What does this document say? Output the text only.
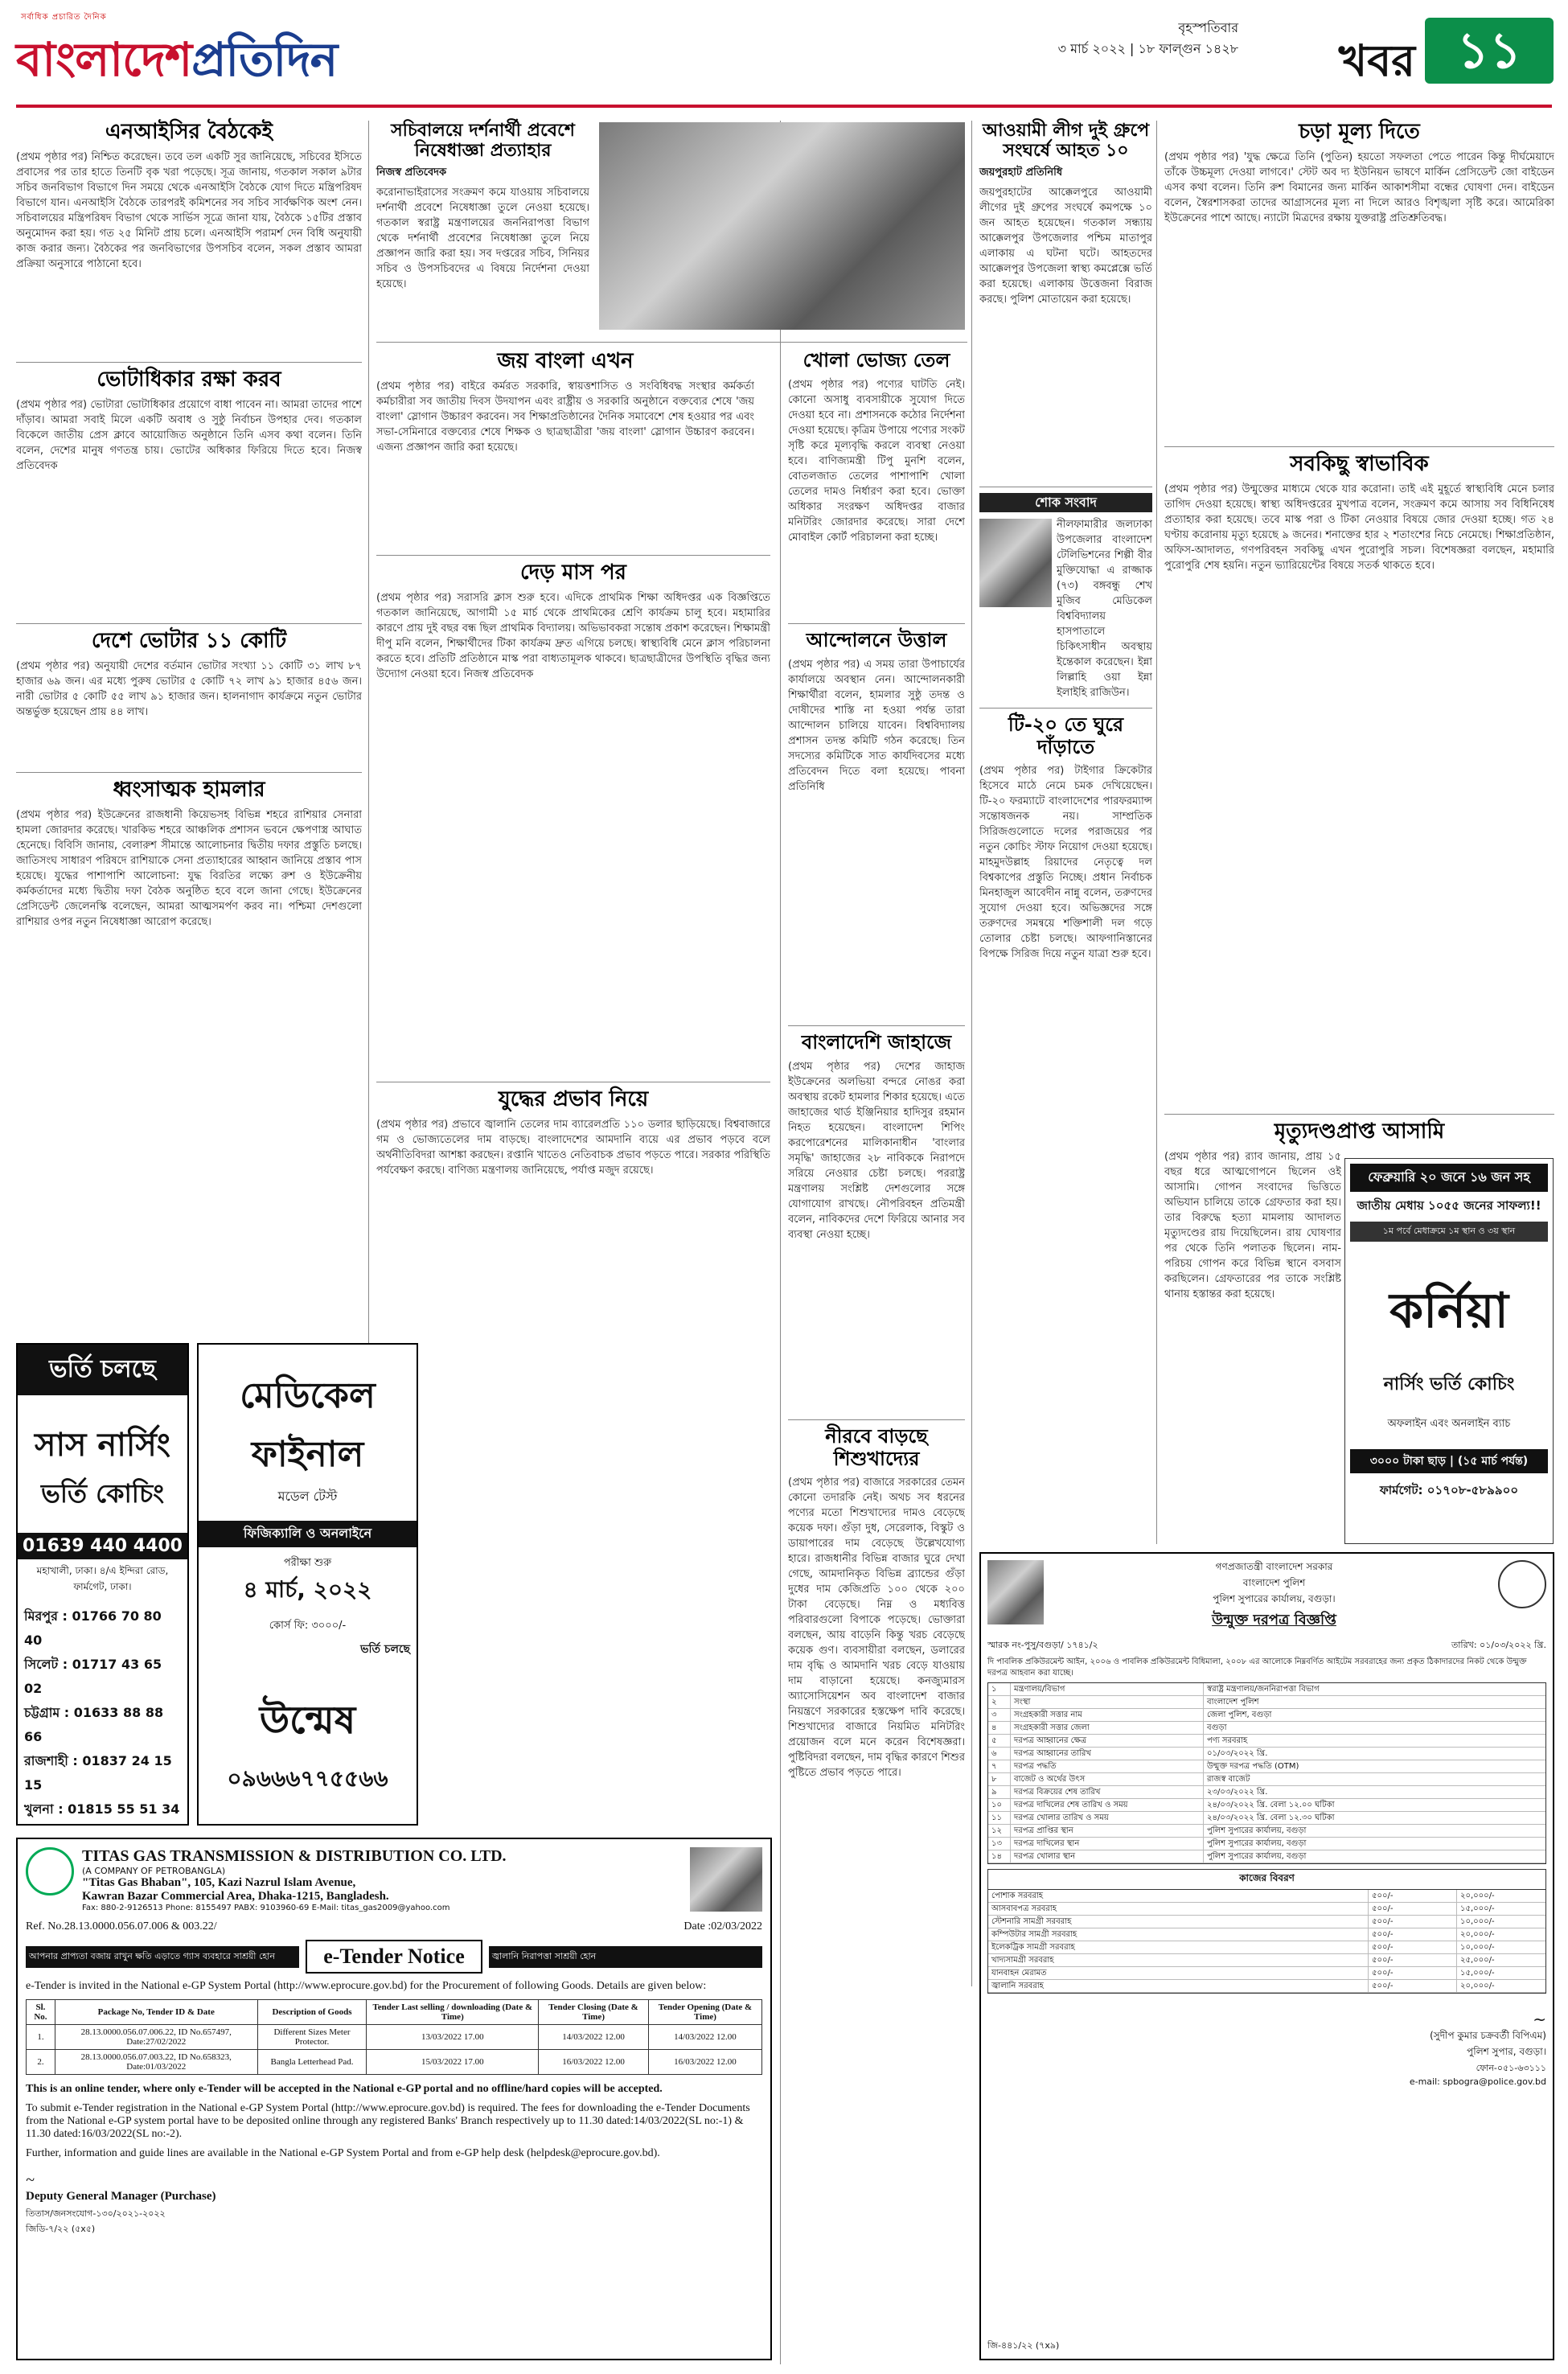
সর্বাধিক প্রচারিত দৈনিক
বাংলাদেশপ্রতিদিন
বৃহস্পতিবার
৩ মার্চ ২০২২ | ১৮ ফাল্গুন ১৪২৮ খবর ১১
এনআইসির বৈঠকেই
(প্রথম পৃষ্ঠার পর) নিশ্চিত করেছেন। তবে তল একটি সুর জানিয়েছে, সচিবের ইসিতে প্রবাসের পর তার হাতে তিনটি বৃক খরা পড়েছে। সূত্র জানায়, গতকাল সকাল ৯টার সচিব জনবিভাগ বিভাগে দিন সময়ে থেকে এনআইসি বৈঠকে যোগ দিতে মন্ত্রিপরিষদ বিভাগে যান। এনআইসি বৈঠকে তারপরই কমিশনের সব সচিব সার্বক্ষণিক অংশ নেন। সচিবালয়ের মন্ত্রিপরিষদ বিভাগ থেকে সার্ভিস সূত্রে জানা যায়, বৈঠকে ১৫টির প্রস্তাব অনুমোদন করা হয়। গত ২৫ মিনিট প্রায় চলে। এনআইসি পরামর্শ দেন বিধি অনুযায়ী কাজ করার জন্য। বৈঠকের পর জনবিভাগের উপসচিব বলেন, সকল প্রস্তাব আমরা প্রক্রিয়া অনুসারে পাঠানো হবে।
ভোটাধিকার রক্ষা করব
(প্রথম পৃষ্ঠার পর) ভোটারা ভোটাধিকার প্রয়োগে বাধা পাবেন না। আমরা তাদের পাশে দাঁড়াব। আমরা সবাই মিলে একটি অবাধ ও সুষ্ঠু নির্বাচন উপহার দেব। গতকাল বিকেলে জাতীয় প্রেস ক্লাবে আয়োজিত অনুষ্ঠানে তিনি এসব কথা বলেন। তিনি বলেন, দেশের মানুষ গণতন্ত্র চায়। ভোটের অধিকার ফিরিয়ে দিতে হবে। নিজস্ব প্রতিবেদক
দেশে ভোটার ১১ কোটি
(প্রথম পৃষ্ঠার পর) অনুযায়ী দেশের বর্তমান ভোটার সংখ্যা ১১ কোটি ৩১ লাখ ৮৭ হাজার ৬৯ জন। এর মধ্যে পুরুষ ভোটার ৫ কোটি ৭২ লাখ ৯১ হাজার ৪৫৬ জন। নারী ভোটার ৫ কোটি ৫৫ লাখ ৯১ হাজার জন। হালনাগাদ কার্যক্রমে নতুন ভোটার অন্তর্ভুক্ত হয়েছেন প্রায় ৪৪ লাখ।
ধ্বংসাত্মক হামলার
(প্রথম পৃষ্ঠার পর) ইউক্রেনের রাজধানী কিয়েভসহ বিভিন্ন শহরে রাশিয়ার সেনারা হামলা জোরদার করেছে। খারকিভ শহরে আঞ্চলিক প্রশাসন ভবনে ক্ষেপণাস্ত্র আঘাত হেনেছে। বিবিসি জানায়, বেলারুশ সীমান্তে আলোচনার দ্বিতীয় দফার প্রস্তুতি চলছে। জাতিসংঘ সাধারণ পরিষদে রাশিয়াকে সেনা প্রত্যাহারের আহ্বান জানিয়ে প্রস্তাব পাস হয়েছে। যুদ্ধের পাশাপাশি আলোচনা: যুদ্ধ বিরতির লক্ষ্যে রুশ ও ইউক্রেনীয় কর্মকর্তাদের মধ্যে দ্বিতীয় দফা বৈঠক অনুষ্ঠিত হবে বলে জানা গেছে। ইউক্রেনের প্রেসিডেন্ট জেলেনস্কি বলেছেন, আমরা আত্মসমর্পণ করব না। পশ্চিমা দেশগুলো রাশিয়ার ওপর নতুন নিষেধাজ্ঞা আরোপ করেছে।
সচিবালয়ে দর্শনার্থী প্রবেশে নিষেধাজ্ঞা প্রত্যাহার
নিজস্ব প্রতিবেদক
করোনাভাইরাসের সংক্রমণ কমে যাওয়ায় সচিবালয়ে দর্শনার্থী প্রবেশে নিষেধাজ্ঞা তুলে নেওয়া হয়েছে। গতকাল স্বরাষ্ট্র মন্ত্রণালয়ের জননিরাপত্তা বিভাগ থেকে দর্শনার্থী প্রবেশের নিষেধাজ্ঞা তুলে নিয়ে প্রজ্ঞাপন জারি করা হয়। সব দপ্তরের সচিব, সিনিয়র সচিব ও উপসচিবদের এ বিষয়ে নির্দেশনা দেওয়া হয়েছে।
জয় বাংলা এখন
(প্রথম পৃষ্ঠার পর) বাইরে কর্মরত সরকারি, স্বায়ত্তশাসিত ও সংবিধিবদ্ধ সংস্থার কর্মকর্তা কর্মচারীরা সব জাতীয় দিবস উদযাপন এবং রাষ্ট্রীয় ও সরকারি অনুষ্ঠানে বক্তব্যের শেষে 'জয় বাংলা' স্লোগান উচ্চারণ করবেন। সব শিক্ষাপ্রতিষ্ঠানের দৈনিক সমাবেশে শেষ হওয়ার পর এবং সভা-সেমিনারে বক্তব্যের শেষে শিক্ষক ও ছাত্রছাত্রীরা 'জয় বাংলা' স্লোগান উচ্চারণ করবেন। এজন্য প্রজ্ঞাপন জারি করা হয়েছে।
দেড় মাস পর
(প্রথম পৃষ্ঠার পর) সরাসরি ক্লাস শুরু হবে। এদিকে প্রাথমিক শিক্ষা অধিদপ্তর এক বিজ্ঞপ্তিতে গতকাল জানিয়েছে, আগামী ১৫ মার্চ থেকে প্রাথমিকের শ্রেণি কার্যক্রম চালু হবে। মহামারির কারণে প্রায় দুই বছর বন্ধ ছিল প্রাথমিক বিদ্যালয়। অভিভাবকরা সন্তোষ প্রকাশ করেছেন। শিক্ষামন্ত্রী দীপু মনি বলেন, শিক্ষার্থীদের টিকা কার্যক্রম দ্রুত এগিয়ে চলছে। স্বাস্থ্যবিধি মেনে ক্লাস পরিচালনা করতে হবে। প্রতিটি প্রতিষ্ঠানে মাস্ক পরা বাধ্যতামূলক থাকবে। ছাত্রছাত্রীদের উপস্থিতি বৃদ্ধির জন্য উদ্যোগ নেওয়া হবে। নিজস্ব প্রতিবেদক
যুদ্ধের প্রভাব নিয়ে
(প্রথম পৃষ্ঠার পর) প্রভাবে জ্বালানি তেলের দাম ব্যারেলপ্রতি ১১০ ডলার ছাড়িয়েছে। বিশ্ববাজারে গম ও ভোজ্যতেলের দাম বাড়ছে। বাংলাদেশের আমদানি ব্যয়ে এর প্রভাব পড়বে বলে অর্থনীতিবিদরা আশঙ্কা করছেন। রপ্তানি খাতেও নেতিবাচক প্রভাব পড়তে পারে। সরকার পরিস্থিতি পর্যবেক্ষণ করছে। বাণিজ্য মন্ত্রণালয় জানিয়েছে, পর্যাপ্ত মজুদ রয়েছে।
খোলা ভোজ্য তেল
(প্রথম পৃষ্ঠার পর) পণ্যের ঘাটতি নেই। কোনো অসাধু ব্যবসায়ীকে সুযোগ দিতে দেওয়া হবে না। প্রশাসনকে কঠোর নির্দেশনা দেওয়া হয়েছে। কৃত্রিম উপায়ে পণ্যের সংকট সৃষ্টি করে মূল্যবৃদ্ধি করলে ব্যবস্থা নেওয়া হবে। বাণিজ্যমন্ত্রী টিপু মুনশি বলেন, বোতলজাত তেলের পাশাপাশি খোলা তেলের দামও নির্ধারণ করা হবে। ভোক্তা অধিকার সংরক্ষণ অধিদপ্তর বাজার মনিটরিং জোরদার করেছে। সারা দেশে মোবাইল কোর্ট পরিচালনা করা হচ্ছে।
আন্দোলনে উত্তাল
(প্রথম পৃষ্ঠার পর) এ সময় তারা উপাচার্যের কার্যালয়ে অবস্থান নেন। আন্দোলনকারী শিক্ষার্থীরা বলেন, হামলার সুষ্ঠু তদন্ত ও দোষীদের শাস্তি না হওয়া পর্যন্ত তারা আন্দোলন চালিয়ে যাবেন। বিশ্ববিদ্যালয় প্রশাসন তদন্ত কমিটি গঠন করেছে। তিন সদস্যের কমিটিকে সাত কার্যদিবসের মধ্যে প্রতিবেদন দিতে বলা হয়েছে। পাবনা প্রতিনিধি
বাংলাদেশি জাহাজে
(প্রথম পৃষ্ঠার পর) দেশের জাহাজ ইউক্রেনের অলভিয়া বন্দরে নোঙর করা অবস্থায় রকেট হামলার শিকার হয়েছে। এতে জাহাজের থার্ড ইঞ্জিনিয়ার হাদিসুর রহমান নিহত হয়েছেন। বাংলাদেশ শিপিং করপোরেশনের মালিকানাধীন 'বাংলার সমৃদ্ধি' জাহাজের ২৮ নাবিককে নিরাপদে সরিয়ে নেওয়ার চেষ্টা চলছে। পররাষ্ট্র মন্ত্রণালয় সংশ্লিষ্ট দেশগুলোর সঙ্গে যোগাযোগ রাখছে। নৌপরিবহন প্রতিমন্ত্রী বলেন, নাবিকদের দেশে ফিরিয়ে আনার সব ব্যবস্থা নেওয়া হচ্ছে।
নীরবে বাড়ছে শিশুখাদ্যের
(প্রথম পৃষ্ঠার পর) বাজারে সরকারের তেমন কোনো তদারকি নেই। অথচ সব ধরনের পণ্যের মতো শিশুখাদ্যের দামও বেড়েছে কয়েক দফা। গুঁড়া দুধ, সেরেলাক, বিস্কুট ও ডায়াপারের দাম বেড়েছে উল্লেখযোগ্য হারে। রাজধানীর বিভিন্ন বাজার ঘুরে দেখা গেছে, আমদানিকৃত বিভিন্ন ব্র্যান্ডের গুঁড়া দুধের দাম কেজিপ্রতি ১০০ থেকে ২০০ টাকা বেড়েছে। নিম্ন ও মধ্যবিত্ত পরিবারগুলো বিপাকে পড়েছে। ভোক্তারা বলছেন, আয় বাড়েনি কিন্তু খরচ বেড়েছে কয়েক গুণ। ব্যবসায়ীরা বলছেন, ডলারের দাম বৃদ্ধি ও আমদানি খরচ বেড়ে যাওয়ায় দাম বাড়ানো হয়েছে। কনজ্যুমারস অ্যাসোসিয়েশন অব বাংলাদেশ বাজার নিয়ন্ত্রণে সরকারের হস্তক্ষেপ দাবি করেছে। শিশুখাদ্যের বাজারে নিয়মিত মনিটরিং প্রয়োজন বলে মনে করেন বিশেষজ্ঞরা। পুষ্টিবিদরা বলছেন, দাম বৃদ্ধির কারণে শিশুর পুষ্টিতে প্রভাব পড়তে পারে।
আওয়ামী লীগ দুই গ্রুপে সংঘর্ষে আহত ১০
জয়পুরহাট প্রতিনিধি
জয়পুরহাটের আক্কেলপুরে আওয়ামী লীগের দুই গ্রুপের সংঘর্ষে কমপক্ষে ১০ জন আহত হয়েছেন। গতকাল সন্ধ্যায় আক্কেলপুর উপজেলার পশ্চিম মাতাপুর এলাকায় এ ঘটনা ঘটে। আহতদের আক্কেলপুর উপজেলা স্বাস্থ্য কমপ্লেক্সে ভর্তি করা হয়েছে। এলাকায় উত্তেজনা বিরাজ করছে। পুলিশ মোতায়েন করা হয়েছে।
শোক সংবাদ
নীলফামারীর জলঢাকা উপজেলার বাংলাদেশ টেলিভিশনের শিল্পী বীর মুক্তিযোদ্ধা এ রাজ্জাক (৭৩) বঙ্গবন্ধু শেখ মুজিব মেডিকেল বিশ্ববিদ্যালয় হাসপাতালে চিকিৎসাধীন অবস্থায় ইন্তেকাল করেছেন। ইন্না লিল্লাহি ওয়া ইন্না ইলাইহি রাজিউন।
টি-২০ তে ঘুরে দাঁড়াতে
(প্রথম পৃষ্ঠার পর) টাইগার ক্রিকেটার হিসেবে মাঠে নেমে চমক দেখিয়েছেন। টি-২০ ফরম্যাটে বাংলাদেশের পারফরম্যান্স সন্তোষজনক নয়। সাম্প্রতিক সিরিজগুলোতে দলের পরাজয়ের পর নতুন কোচিং স্টাফ নিয়োগ দেওয়া হয়েছে। মাহমুদউল্লাহ রিয়াদের নেতৃত্বে দল বিশ্বকাপের প্রস্তুতি নিচ্ছে। প্রধান নির্বাচক মিনহাজুল আবেদীন নান্নু বলেন, তরুণদের সুযোগ দেওয়া হবে। অভিজ্ঞদের সঙ্গে তরুণদের সমন্বয়ে শক্তিশালী দল গড়ে তোলার চেষ্টা চলছে। আফগানিস্তানের বিপক্ষে সিরিজ দিয়ে নতুন যাত্রা শুরু হবে।
চড়া মূল্য দিতে
(প্রথম পৃষ্ঠার পর) 'যুদ্ধ ক্ষেত্রে তিনি (পুতিন) হয়তো সফলতা পেতে পারেন কিন্তু দীর্ঘমেয়াদে তাঁকে উচ্চমূল্য দেওয়া লাগবে।' স্টেট অব দ্য ইউনিয়ন ভাষণে মার্কিন প্রেসিডেন্ট জো বাইডেন এসব কথা বলেন। তিনি রুশ বিমানের জন্য মার্কিন আকাশসীমা বন্ধের ঘোষণা দেন। বাইডেন বলেন, স্বৈরশাসকরা তাদের আগ্রাসনের মূল্য না দিলে আরও বিশৃঙ্খলা সৃষ্টি করে। আমেরিকা ইউক্রেনের পাশে আছে। ন্যাটো মিত্রদের রক্ষায় যুক্তরাষ্ট্র প্রতিশ্রুতিবদ্ধ।
সবকিছু স্বাভাবিক
(প্রথম পৃষ্ঠার পর) উন্মুক্তের মাধ্যমে থেকে যার করোনা। তাই এই মুহূর্তে স্বাস্থ্যবিধি মেনে চলার তাগিদ দেওয়া হয়েছে। স্বাস্থ্য অধিদপ্তরের মুখপাত্র বলেন, সংক্রমণ কমে আসায় সব বিধিনিষেধ প্রত্যাহার করা হয়েছে। তবে মাস্ক পরা ও টিকা নেওয়ার বিষয়ে জোর দেওয়া হচ্ছে। গত ২৪ ঘণ্টায় করোনায় মৃত্যু হয়েছে ৯ জনের। শনাক্তের হার ২ শতাংশের নিচে নেমেছে। শিক্ষাপ্রতিষ্ঠান, অফিস-আদালত, গণপরিবহন সবকিছু এখন পুরোপুরি সচল। বিশেষজ্ঞরা বলছেন, মহামারি পুরোপুরি শেষ হয়নি। নতুন ভ্যারিয়েন্টের বিষয়ে সতর্ক থাকতে হবে।
মৃত্যুদণ্ডপ্রাপ্ত আসামি
(প্রথম পৃষ্ঠার পর) র‌্যাব জানায়, প্রায় ১৫ বছর ধরে আত্মগোপনে ছিলেন ওই আসামি। গোপন সংবাদের ভিত্তিতে অভিযান চালিয়ে তাকে গ্রেফতার করা হয়। তার বিরুদ্ধে হত্যা মামলায় আদালত মৃত্যুদণ্ডের রায় দিয়েছিলেন। রায় ঘোষণার পর থেকে তিনি পলাতক ছিলেন। নাম-পরিচয় গোপন করে বিভিন্ন স্থানে বসবাস করছিলেন। গ্রেফতারের পর তাকে সংশ্লিষ্ট থানায় হস্তান্তর করা হয়েছে।
ফেব্রুয়ারি ২০ জনে ১৬ জন সহ
জাতীয় মেধায় ১০৫৫ জনের সাফল্য!!
১ম পর্বে মেধাক্রমে ১ম স্থান ও ৩য় স্থান
কর্নিয়া
নার্সিং ভর্তি কোচিং
অফলাইন এবং অনলাইন ব্যাচ
৩০০০ টাকা ছাড় | (১৫ মার্চ পর্যন্ত)
ফার্মগেট: ০১৭০৮-৫৮৯৯০০
ভর্তি চলছে
সাস নার্সিং
ভর্তি কোচিং
01639 440 4400
মহাখালী, ঢাকা। ৪/এ ইন্দিরা রোড, ফার্মগেট, ঢাকা।
মিরপুর : 01766 70 80 40
সিলেট : 01717 43 65 02
চট্টগ্রাম : 01633 88 88 66
রাজশাহী : 01837 24 15 15
খুলনা : 01815 55 51 34
মেডিকেল
ফাইনাল
মডেল টেস্ট
ফিজিক্যালি ও অনলাইনে
পরীক্ষা শুরু
৪ মার্চ, ২০২২
কোর্স ফি: ৩০০০/-
ভর্তি চলছে
উন্মেষ
০৯৬৬৬৭৭৫৫৬৬
TITAS GAS TRANSMISSION & DISTRIBUTION CO. LTD.
(A COMPANY OF PETROBANGLA)
"Titas Gas Bhaban", 105, Kazi Nazrul Islam Avenue,
Kawran Bazar Commercial Area, Dhaka-1215, Bangladesh.
Fax: 880-2-9126513 Phone: 8155497 PABX: 9103960-69 E-Mail: titas_gas2009@yahoo.com
Ref. No.28.13.0000.056.07.006 & 003.22/	Date :02/03/2022
আপনার প্রাপ্যতা বজায় রাখুন ক্ষতি এড়াতে গ্যাস ব্যবহারে সাশ্রয়ী হোন	e-Tender Notice	জ্বালানি নিরাপত্তা সাশ্রয়ী হোন
e-Tender is invited in the National e-GP System Portal (http://www.eprocure.gov.bd) for the Procurement of following Goods. Details are given below:
Sl. No.	Package No, Tender ID & Date	Description of Goods	Tender Last selling / downloading (Date & Time)	Tender Closing (Date & Time)	Tender Opening (Date & Time)
1.	28.13.0000.056.07.006.22, ID No.657497, Date:27/02/2022	Different Sizes Meter Protector.	13/03/2022 17.00	14/03/2022 12.00	14/03/2022 12.00
2.	28.13.0000.056.07.003.22, ID No.658323, Date:01/03/2022	Bangla Letterhead Pad.	15/03/2022 17.00	16/03/2022 12.00	16/03/2022 12.00
This is an online tender, where only e-Tender will be accepted in the National e-GP portal and no offline/hard copies will be accepted.
To submit e-Tender registration in the National e-GP System Portal (http://www.eprocure.gov.bd) is required. The fees for downloading the e-Tender Documents from the National e-GP system portal have to be deposited online through any registered Banks' Branch respectively up to 11.30 dated:14/03/2022(SL no:-1) & 11.30 dated:16/03/2022(SL no:-2).
Further, information and guide lines are available in the National e-GP System Portal and from e-GP help desk (helpdesk@eprocure.gov.bd).
~
Deputy General Manager (Purchase)
তিতাস/জনসংযোগ-১৩০/২০২১-২০২২
জিডি-৭/২২ (৫x৫)
গণপ্রজাতন্ত্রী বাংলাদেশ সরকার
বাংলাদেশ পুলিশ
পুলিশ সুপারের কার্যালয়, বগুড়া।
উন্মুক্ত দরপত্র বিজ্ঞপ্তি
স্মারক নং-পুসু/বগুড়া/ ১৭৪১/২	তারিখ: ০১/০৩/২০২২ খ্রি.
দি পাবলিক প্রকিউরমেন্ট আইন, ২০০৬ ও পাবলিক প্রকিউরমেন্ট বিধিমালা, ২০০৮ এর আলোকে নিম্নবর্ণিত আইটেম সরবরাহের জন্য প্রকৃত ঠিকাদারদের নিকট থেকে উন্মুক্ত দরপত্র আহবান করা যাচ্ছে।
১	মন্ত্রণালয়/বিভাগ	স্বরাষ্ট্র মন্ত্রণালয়/জননিরাপত্তা বিভাগ
২	সংস্থা	বাংলাদেশ পুলিশ
৩	সংগ্রহকারী সত্তার নাম	জেলা পুলিশ, বগুড়া
৪	সংগ্রহকারী সত্তার জেলা	বগুড়া
৫	দরপত্র আহ্বানের ক্ষেত্র	পণ্য সরবরাহ
৬	দরপত্র আহ্বানের তারিখ	০১/০৩/২০২২ খ্রি.
৭	দরপত্র পদ্ধতি	উন্মুক্ত দরপত্র পদ্ধতি (OTM)
৮	বাজেট ও অর্থের উৎস	রাজস্ব বাজেট
৯	দরপত্র বিক্রয়ের শেষ তারিখ	২৩/০৩/২০২২ খ্রি.
১০	দরপত্র দাখিলের শেষ তারিখ ও সময়	২৪/০৩/২০২২ খ্রি. বেলা ১২.০০ ঘটিকা
১১	দরপত্র খোলার তারিখ ও সময়	২৪/০৩/২০২২ খ্রি. বেলা ১২.৩০ ঘটিকা
১২	দরপত্র প্রাপ্তির স্থান	পুলিশ সুপারের কার্যালয়, বগুড়া
১৩	দরপত্র দাখিলের স্থান	পুলিশ সুপারের কার্যালয়, বগুড়া
১৪	দরপত্র খোলার স্থান	পুলিশ সুপারের কার্যালয়, বগুড়া
কাজের বিবরণ
পোশাক সরবরাহ	৫০০/-	২০,০০০/-
আসবাবপত্র সরবরাহ	৫০০/-	১৫,০০০/-
স্টেশনারি সামগ্রী সরবরাহ	৫০০/-	১০,০০০/-
কম্পিউটার সামগ্রী সরবরাহ	৫০০/-	২০,০০০/-
ইলেকট্রিক সামগ্রী সরবরাহ	৫০০/-	১০,০০০/-
খাদ্যসামগ্রী সরবরাহ	৫০০/-	২৫,০০০/-
যানবাহন মেরামত	৫০০/-	১৫,০০০/-
জ্বালানি সরবরাহ	৫০০/-	২০,০০০/-
~
(সুদীপ কুমার চক্রবর্তী বিপিএম)
পুলিশ সুপার, বগুড়া।
ফোন-০৫১-৬৩১১১
e-mail: spbogra@police.gov.bd
জি-৪৪১/২২ (৭x৯)
